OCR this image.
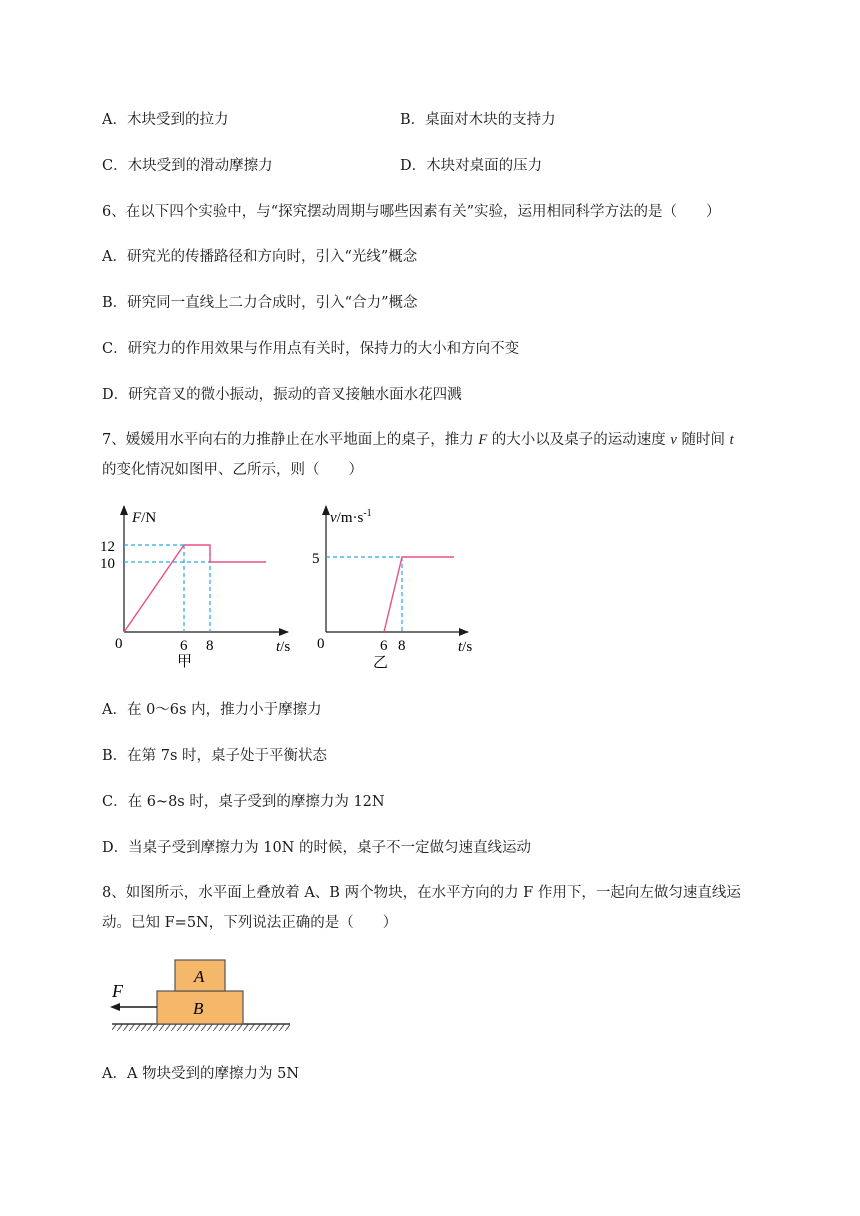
A．木块受到的拉力	B．桌面对木块的支持力
C．木块受到的滑动摩擦力	D．木块对桌面的压力
6、在以下四个实验中，与“探究摆动周期与哪些因素有关”实验，运用相同科学方法的是（　　）
A．研究光的传播路径和方向时，引入“光线”概念
B．研究同一直线上二力合成时，引入“合力”概念
C．研究力的作用效果与作用点有关时，保持力的大小和方向不变
D．研究音叉的微小振动，振动的音叉接触水面水花四溅
7、媛媛用水平向右的力推静止在水平地面上的桌子，推力 F 的大小以及桌子的运动速度 v 随时间 t
的变化情况如图甲、乙所示，则（　　）
F/N
12
10
0	6 8	t/s
甲
$v/m\cdot s^{-1}$
5
0	6 8	t/s
乙
A．在 0～6s 内，推力小于摩擦力
B．在第 7s 时，桌子处于平衡状态
C．在 6~8s 时，桌子受到的摩擦力为 12N
D．当桌子受到摩擦力为 10N 的时候，桌子不一定做匀速直线运动
8、如图所示，水平面上叠放着 A、B 两个物块，在水平方向的力 F 作用下，一起向左做匀速直线运
动。已知 F=5N，下列说法正确的是（　　）
A
B
F
A．A 物块受到的摩擦力为 5N
